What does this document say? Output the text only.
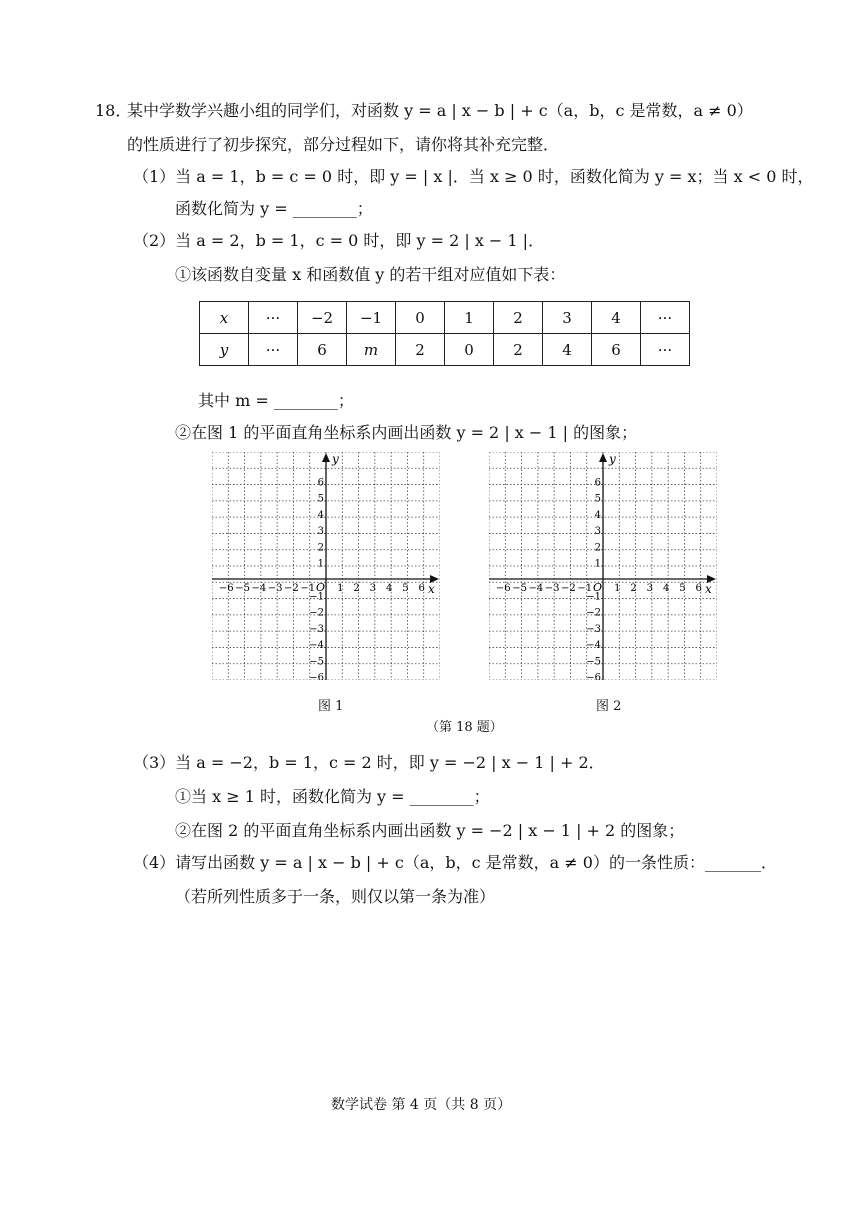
18．
某中学数学兴趣小组的同学们，对函数 y = a | x − b | + c（a，b，c 是常数，a ≠ 0）
的性质进行了初步探究，部分过程如下，请你将其补充完整．
（1）当 a = 1，b = c = 0 时，即 y = | x |．当 x ≥ 0 时，函数化简为 y = x；当 x < 0 时，
函数化简为 y = ________；
（2）当 a = 2，b = 1，c = 0 时，即 y = 2 | x − 1 |．
①该函数自变量 x 和函数值 y 的若干组对应值如下表：
x	···	−2	−1	0	1	2	3	4	···
y	···	6	m	2	0	2	4	6	···
其中 m = ________；
②在图 1 的平面直角坐标系内画出函数 y = 2 | x − 1 | 的图象；
x
y
O
−6 −5 −4 −3 −2 −1 1 2 3 4 5 6
6
5
4
3
2
1
−1
−2
−3
−4
−5
−6
x
y
O
−6 −5 −4 −3 −2 −1 1 2 3 4 5 6
6
5
4
3
2
1
−1
−2
−3
−4
−5
−6
图 1	图 2
（第 18 题）
（3）当 a = −2，b = 1，c = 2 时，即 y = −2 | x − 1 | + 2．
①当 x ≥ 1 时，函数化简为 y = ________；
②在图 2 的平面直角坐标系内画出函数 y = −2 | x − 1 | + 2 的图象；
（4）请写出函数 y = a | x − b | + c（a，b，c 是常数，a ≠ 0）的一条性质：_______．
（若所列性质多于一条，则仅以第一条为准）
数学试卷 第 4 页（共 8 页）
